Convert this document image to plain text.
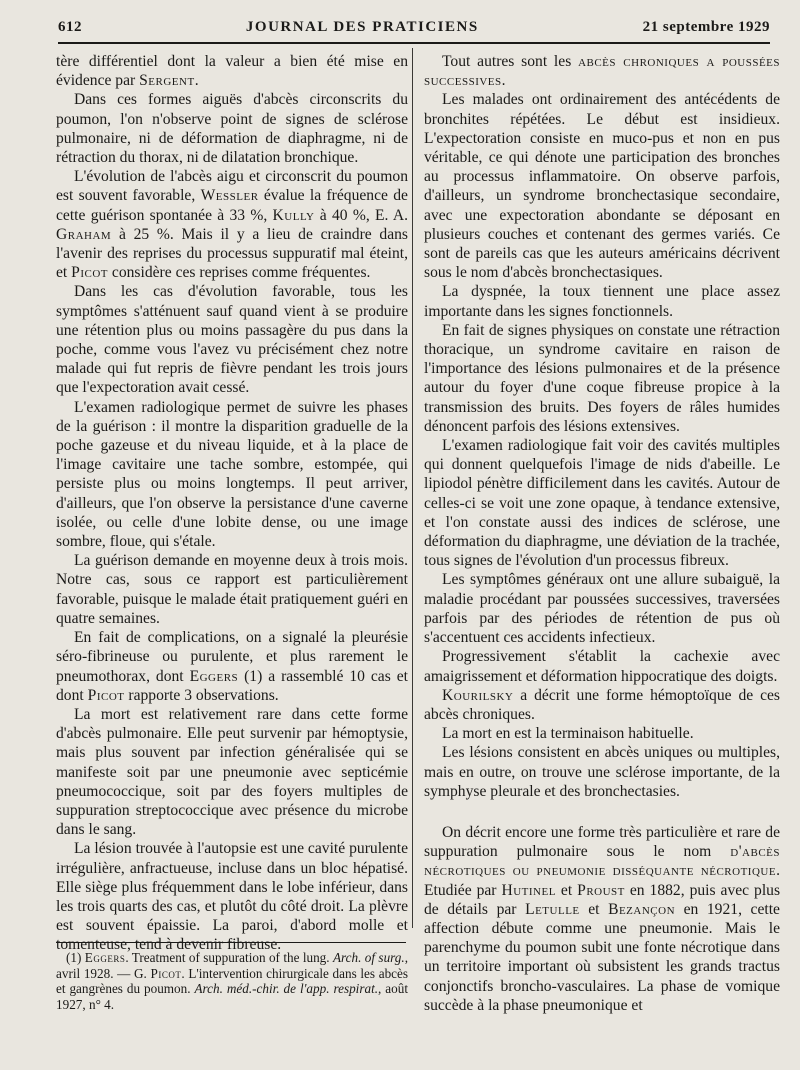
612	JOURNAL DES PRATICIENS	21 septembre 1929

tère différentiel dont la valeur a bien été mise en évidence par Sergent.

Dans ces formes aiguës d'abcès circonscrits du poumon, l'on n'observe point de signes de sclérose pulmonaire, ni de déformation de diaphragme, ni de rétraction du thorax, ni de dilatation bronchique.

L'évolution de l'abcès aigu et circonscrit du poumon est souvent favorable, Wessler évalue la fréquence de cette guérison spontanée à 33 %, Kully à 40 %, E. A. Graham à 25 %. Mais il y a lieu de craindre dans l'avenir des reprises du processus suppuratif mal éteint, et Picot considère ces reprises comme fréquentes.

Dans les cas d'évolution favorable, tous les symptômes s'atténuent sauf quand vient à se produire une rétention plus ou moins passagère du pus dans la poche, comme vous l'avez vu précisément chez notre malade qui fut repris de fièvre pendant les trois jours que l'expectoration avait cessé.

L'examen radiologique permet de suivre les phases de la guérison : il montre la disparition graduelle de la poche gazeuse et du niveau liquide, et à la place de l'image cavitaire une tache sombre, estompée, qui persiste plus ou moins longtemps. Il peut arriver, d'ailleurs, que l'on observe la persistance d'une caverne isolée, ou celle d'une lobite dense, ou une image sombre, floue, qui s'étale.

La guérison demande en moyenne deux à trois mois. Notre cas, sous ce rapport est particulièrement favorable, puisque le malade était pratiquement guéri en quatre semaines.

En fait de complications, on a signalé la pleurésie séro-fibrineuse ou purulente, et plus rarement le pneumothorax, dont Eggers (1) a rassemblé 10 cas et dont Picot rapporte 3 observations.

La mort est relativement rare dans cette forme d'abcès pulmonaire. Elle peut survenir par hémoptysie, mais plus souvent par infection généralisée qui se manifeste soit par une pneumonie avec septicémie pneumococcique, soit par des foyers multiples de suppuration streptococcique avec présence du microbe dans le sang.

La lésion trouvée à l'autopsie est une cavité purulente irrégulière, anfractueuse, incluse dans un bloc hépatisé. Elle siège plus fréquemment dans le lobe inférieur, dans les trois quarts des cas, et plutôt du côté droit. La plèvre est souvent épaissie. La paroi, d'abord molle et tomenteuse, tend à devenir fibreuse.

(1) Eggers. Treatment of suppuration of the lung. Arch. of surg., avril 1928. — G. Picot. L'intervention chirurgicale dans les abcès et gangrènes du poumon. Arch. méd.-chir. de l'app. respirat., août 1927, n° 4.

Tout autres sont les abcès chroniques a poussées successives.

Les malades ont ordinairement des antécédents de bronchites répétées. Le début est insidieux. L'expectoration consiste en muco-pus et non en pus véritable, ce qui dénote une participation des bronches au processus inflammatoire. On observe parfois, d'ailleurs, un syndrome bronchectasique secondaire, avec une expectoration abondante se déposant en plusieurs couches et contenant des germes variés. Ce sont de pareils cas que les auteurs américains décrivent sous le nom d'abcès bronchectasiques.

La dyspnée, la toux tiennent une place assez importante dans les signes fonctionnels.

En fait de signes physiques on constate une rétraction thoracique, un syndrome cavitaire en raison de l'importance des lésions pulmonaires et de la présence autour du foyer d'une coque fibreuse propice à la transmission des bruits. Des foyers de râles humides dénoncent parfois des lésions extensives.

L'examen radiologique fait voir des cavités multiples qui donnent quelquefois l'image de nids d'abeille. Le lipiodol pénètre difficilement dans les cavités. Autour de celles-ci se voit une zone opaque, à tendance extensive, et l'on constate aussi des indices de sclérose, une déformation du diaphragme, une déviation de la trachée, tous signes de l'évolution d'un processus fibreux.

Les symptômes généraux ont une allure subaiguë, la maladie procédant par poussées successives, traversées parfois par des périodes de rétention de pus où s'accentuent ces accidents infectieux.

Progressivement s'établit la cachexie avec amaigrissement et déformation hippocratique des doigts.

Kourilsky a décrit une forme hémoptoïque de ces abcès chroniques.

La mort en est la terminaison habituelle.

Les lésions consistent en abcès uniques ou multiples, mais en outre, on trouve une sclérose importante, de la symphyse pleurale et des bronchectasies.

On décrit encore une forme très particulière et rare de suppuration pulmonaire sous le nom d'abcès nécrotiques ou pneumonie disséquante nécrotique. Etudiée par Hutinel et Proust en 1882, puis avec plus de détails par Letulle et Bezançon en 1921, cette affection débute comme une pneumonie. Mais le parenchyme du poumon subit une fonte nécrotique dans un territoire important où subsistent les grands tractus conjonctifs broncho-vasculaires. La phase de vomique succède à la phase pneumonique et
